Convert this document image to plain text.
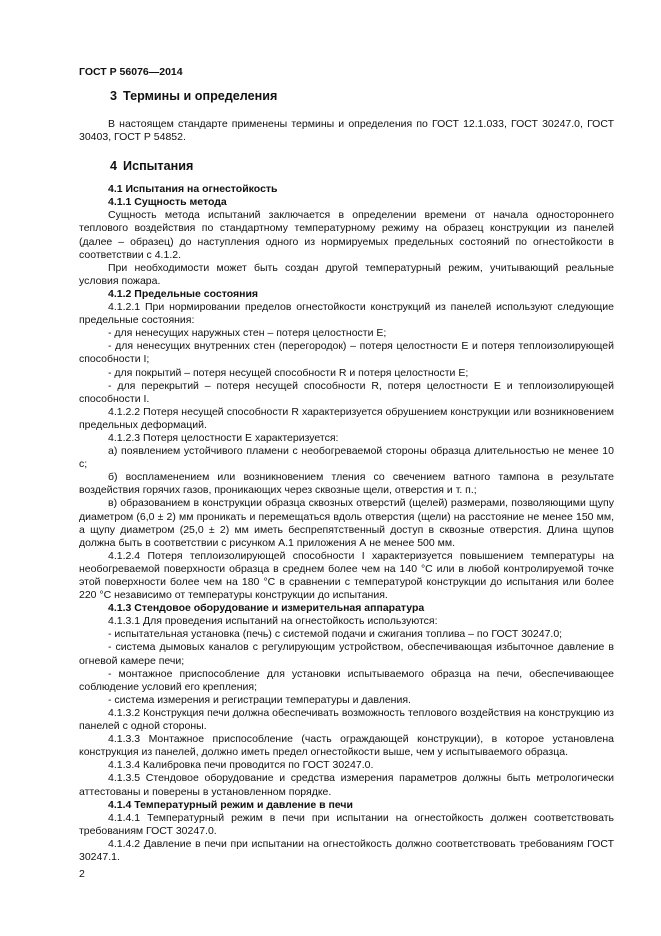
ГОСТ Р 56076—2014
3 Термины и определения

В настоящем стандарте применены термины и определения по ГОСТ 12.1.033, ГОСТ 30247.0, ГОСТ 30403, ГОСТ Р 54852.

4 Испытания

4.1 Испытания на огнестойкость

4.1.1 Сущность метода

Сущность метода испытаний заключается в определении времени от начала одностороннего теплового воздействия по стандартному температурному режиму на образец конструкции из панелей (далее – образец) до наступления одного из нормируемых предельных состояний по огнестойкости в соответствии с 4.1.2.

При необходимости может быть создан другой температурный режим, учитывающий реальные условия пожара.

4.1.2 Предельные состояния

4.1.2.1 При нормировании пределов огнестойкости конструкций из панелей используют следующие предельные состояния:

- для ненесущих наружных стен – потеря целостности E;

- для ненесущих внутренних стен (перегородок) – потеря целостности E и потеря теплоизолирующей способности I;

- для покрытий – потеря несущей способности R и потеря целостности E;

- для перекрытий – потеря несущей способности R, потеря целостности E и теплоизолирующей способности I.

4.1.2.2 Потеря несущей способности R характеризуется обрушением конструкции или возникновением предельных деформаций.

4.1.2.3 Потеря целостности E характеризуется:

а) появлением устойчивого пламени с необогреваемой стороны образца длительностью не менее 10 с;

б) воспламенением или возникновением тления со свечением ватного тампона в результате воздействия горячих газов, проникающих через сквозные щели, отверстия и т. п.;

в) образованием в конструкции образца сквозных отверстий (щелей) размерами, позволяющими щупу диаметром (6,0 ± 2) мм проникать и перемещаться вдоль отверстия (щели) на расстояние не менее 150 мм, а щупу диаметром (25,0 ± 2) мм иметь беспрепятственный доступ в сквозные отверстия. Длина щупов должна быть в соответствии с рисунком А.1 приложения А не менее 500 мм.

4.1.2.4 Потеря теплоизолирующей способности I характеризуется повышением температуры на необогреваемой поверхности образца в среднем более чем на 140 °С или в любой контролируемой точке этой поверхности более чем на 180 °С в сравнении с температурой конструкции до испытания или более 220 °С независимо от температуры конструкции до испытания.

4.1.3 Стендовое оборудование и измерительная аппаратура

4.1.3.1 Для проведения испытаний на огнестойкость используются:

- испытательная установка (печь) с системой подачи и сжигания топлива – по ГОСТ 30247.0;

- система дымовых каналов с регулирующим устройством, обеспечивающая избыточное давление в огневой камере печи;

- монтажное приспособление для установки испытываемого образца на печи, обеспечивающее соблюдение условий его крепления;

- система измерения и регистрации температуры и давления.

4.1.3.2 Конструкция печи должна обеспечивать возможность теплового воздействия на конструкцию из панелей с одной стороны.

4.1.3.3 Монтажное приспособление (часть ограждающей конструкции), в которое установлена конструкция из панелей, должно иметь предел огнестойкости выше, чем у испытываемого образца.

4.1.3.4 Калибровка печи проводится по ГОСТ 30247.0.

4.1.3.5 Стендовое оборудование и средства измерения параметров должны быть метрологически аттестованы и поверены в установленном порядке.

4.1.4 Температурный режим и давление в печи

4.1.4.1 Температурный режим в печи при испытании на огнестойкость должен соответствовать требованиям ГОСТ 30247.0.

4.1.4.2 Давление в печи при испытании на огнестойкость должно соответствовать требованиям ГОСТ 30247.1.

2
